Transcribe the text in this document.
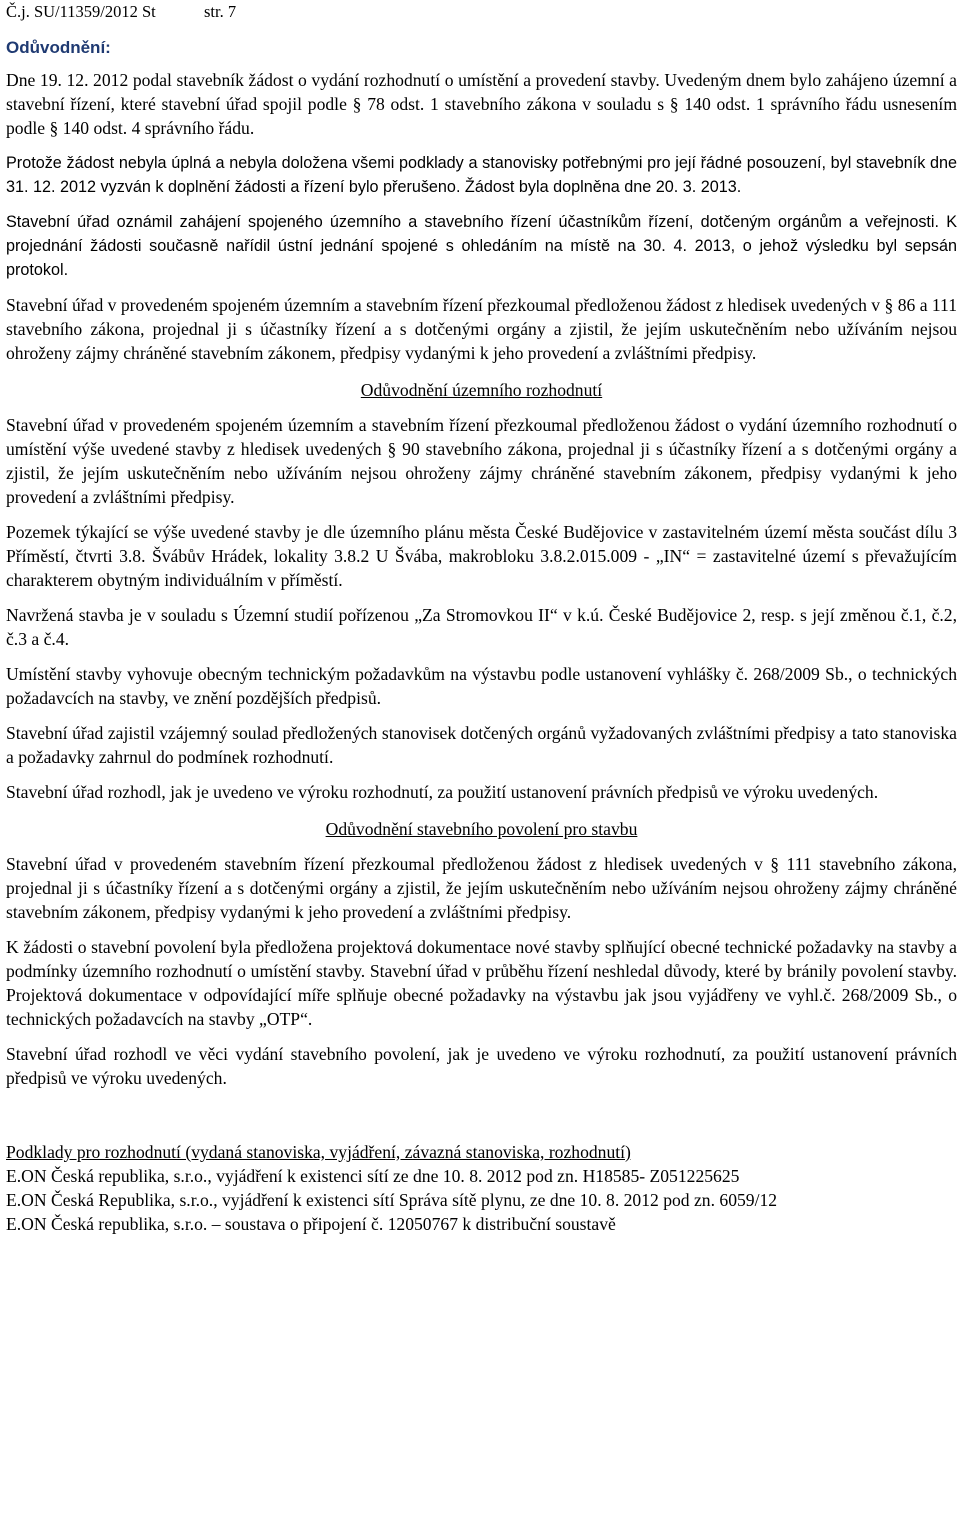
Č.j. SU/11359/2012 St	str. 7
Odůvodnění:

Dne 19. 12. 2012 podal stavebník žádost o vydání rozhodnutí o umístění a provedení stavby. Uvedeným dnem bylo zahájeno územní a stavební řízení, které stavební úřad spojil podle § 78 odst. 1 stavebního zákona v souladu s § 140 odst. 1 správního řádu usnesením podle § 140 odst. 4 správního řádu.

Protože žádost nebyla úplná a nebyla doložena všemi podklady a stanovisky potřebnými pro její řádné posouzení, byl stavebník dne 31. 12. 2012 vyzván k doplnění žádosti a řízení bylo přerušeno. Žádost byla doplněna dne 20. 3. 2013.

Stavební úřad oznámil zahájení spojeného územního a stavebního řízení účastníkům řízení, dotčeným orgánům a veřejnosti. K projednání žádosti současně nařídil ústní jednání spojené s ohledáním na místě na 30. 4. 2013, o jehož výsledku byl sepsán protokol.

Stavební úřad v provedeném spojeném územním a stavebním řízení přezkoumal předloženou žádost z hledisek uvedených v § 86 a 111 stavebního zákona, projednal ji s účastníky řízení a s dotčenými orgány a zjistil, že jejím uskutečněním nebo užíváním nejsou ohroženy zájmy chráněné stavebním zákonem, předpisy vydanými k jeho provedení a zvláštními předpisy.

Odůvodnění územního rozhodnutí

Stavební úřad v provedeném spojeném územním a stavebním řízení přezkoumal předloženou žádost o vydání územního rozhodnutí o umístění výše uvedené stavby z hledisek uvedených § 90 stavebního zákona, projednal ji s účastníky řízení a s dotčenými orgány a zjistil, že jejím uskutečněním nebo užíváním nejsou ohroženy zájmy chráněné stavebním zákonem, předpisy vydanými k jeho provedení a zvláštními předpisy.

Pozemek týkající se výše uvedené stavby je dle územního plánu města České Budějovice v zastavitelném území města součást dílu 3 Příměstí, čtvrti 3.8. Švábův Hrádek, lokality 3.8.2 U Švába, makrobloku 3.8.2.015.009 - „IN“ = zastavitelné území s převažujícím charakterem obytným individuálním v příměstí.

Navržená stavba je v souladu s Územní studií pořízenou „Za Stromovkou II“ v k.ú. České Budějovice 2, resp. s její změnou č.1, č.2, č.3 a č.4.

Umístění stavby vyhovuje obecným technickým požadavkům na výstavbu podle ustanovení vyhlášky č. 268/2009 Sb., o technických požadavcích na stavby, ve znění pozdějších předpisů.

Stavební úřad zajistil vzájemný soulad předložených stanovisek dotčených orgánů vyžadovaných zvláštními předpisy a tato stanoviska a požadavky zahrnul do podmínek rozhodnutí.

Stavební úřad rozhodl, jak je uvedeno ve výroku rozhodnutí, za použití ustanovení právních předpisů ve výroku uvedených.

Odůvodnění stavebního povolení pro stavbu

Stavební úřad v provedeném stavebním řízení přezkoumal předloženou žádost z hledisek uvedených v § 111 stavebního zákona, projednal ji s účastníky řízení a s dotčenými orgány a zjistil, že jejím uskutečněním nebo užíváním nejsou ohroženy zájmy chráněné stavebním zákonem, předpisy vydanými k jeho provedení a zvláštními předpisy.

K žádosti o stavební povolení byla předložena projektová dokumentace nové stavby splňující obecné technické požadavky na stavby a podmínky územního rozhodnutí o umístění stavby. Stavební úřad v průběhu řízení neshledal důvody, které by bránily povolení stavby. Projektová dokumentace v odpovídající míře splňuje obecné požadavky na výstavbu jak jsou vyjádřeny ve vyhl.č. 268/2009 Sb., o technických požadavcích na stavby „OTP“.

Stavební úřad rozhodl ve věci vydání stavebního povolení, jak je uvedeno ve výroku rozhodnutí, za použití ustanovení právních předpisů ve výroku uvedených.

Podklady pro rozhodnutí (vydaná stanoviska, vyjádření, závazná stanoviska, rozhodnutí)
E.ON Česká republika, s.r.o., vyjádření k existenci sítí ze dne 10. 8. 2012 pod zn. H18585- Z051225625
E.ON Česká Republika, s.r.o., vyjádření k existenci sítí Správa sítě plynu, ze dne 10. 8. 2012 pod zn. 6059/12
E.ON Česká republika, s.r.o. – soustava o připojení č. 12050767 k distribuční soustavě
